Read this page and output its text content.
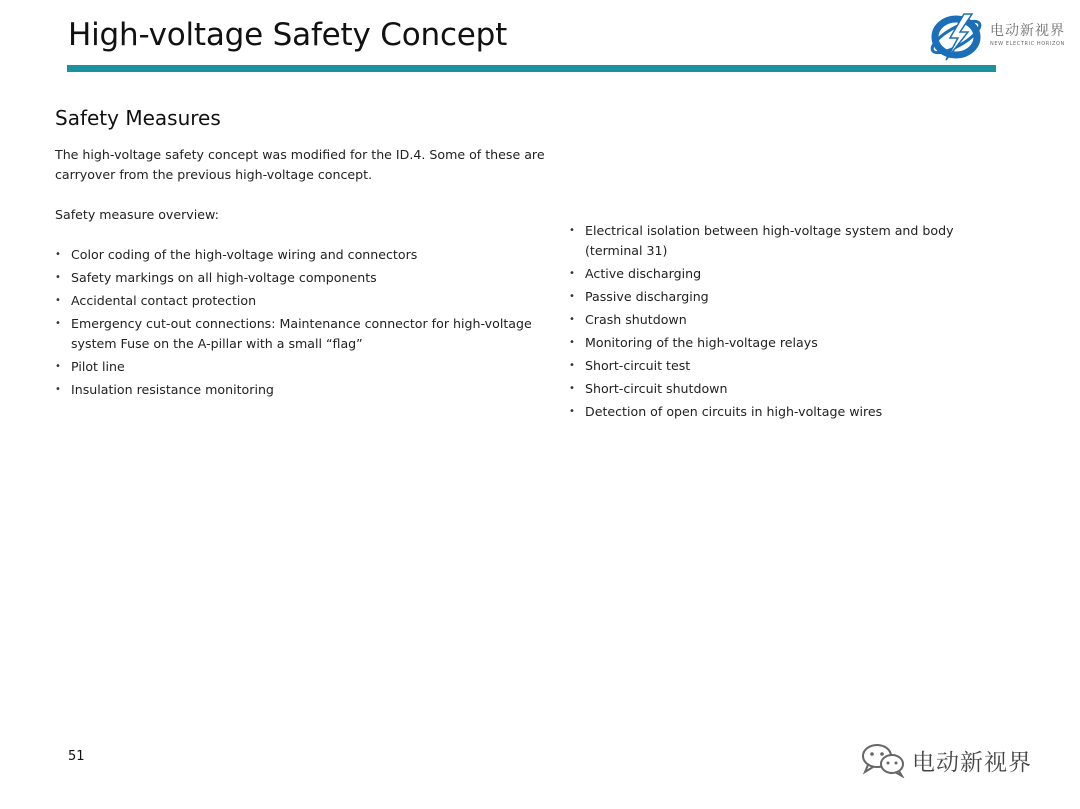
High-voltage Safety Concept	电动新视界
NEW ELECTRIC HORIZON
Safety Measures
The high-voltage safety concept was modified for the ID.4. Some of these are carryover from the previous high-voltage concept.
Safety measure overview:
• Color coding of the high-voltage wiring and connectors
• Safety markings on all high-voltage components
• Accidental contact protection
• Emergency cut-out connections: Maintenance connector for high-voltage system Fuse on the A-pillar with a small “flag”
• Pilot line
• Insulation resistance monitoring
• Electrical isolation between high-voltage system and body (terminal 31)
• Active discharging
• Passive discharging
• Crash shutdown
• Monitoring of the high-voltage relays
• Short-circuit test
• Short-circuit shutdown
• Detection of open circuits in high-voltage wires
51	电动新视界
